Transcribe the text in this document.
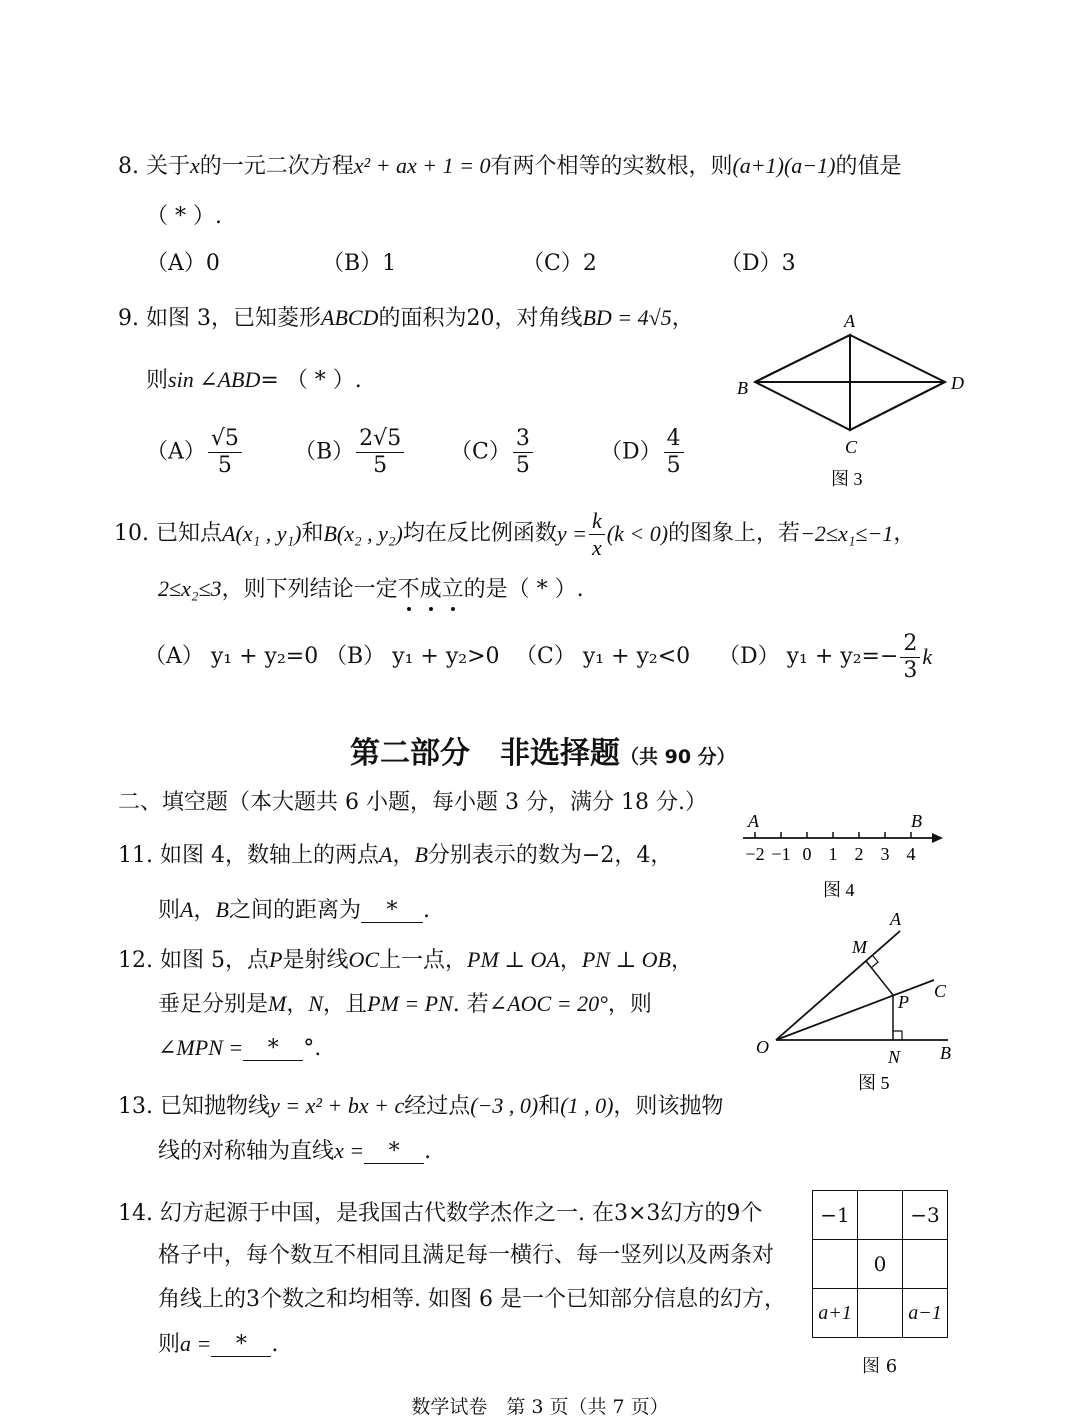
8. 关于x的一元二次方程x² + ax + 1 = 0有两个相等的实数根，则(a+1)(a−1)的值是
（ * ）.
（A）0	（B）1	（C）2	（D）3
9. 如图 3，已知菱形ABCD的面积为20，对角线BD = 4√5，
则sin ∠ABD= （ * ）.
$(A) \frac{√5}{5} (B) \frac{2√5}{5} (C) \frac{3}{5}$	$(D) \frac{4}{5}$
A
B	D
C
图 3
10.
已知点 A(x₁ , y₁) 和 B(x₂ , y₂) 均在反比例函数 $y = \frac{k}{x} (k < 0)$ 的图象上，若 −2≤x₁≤−1 ，
2≤x₂≤3，则下列结论一定不成立的是（ * ）.
（A） y₁ + y₂=0 （B） y₁ + y₂>0 （C） y₁ + y₂<0 （D） $y_1 + y_2=- \frac{2}{3}$ k
第二部分　非选择题（共 90 分）
二、填空题（本大题共 6 小题，每小题 3 分，满分 18 分.）
11. 如图 4，数轴上的两点A，B分别表示的数为−2，4，
则A，B之间的距离为 * .
−2 −1 0 1 2 3 4
A	B
图 4
12. 如图 5，点P是射线OC上一点，PM ⊥ OA，PN ⊥ OB，
垂足分别是M，N，且PM = PN. 若∠AOC = 20°，则
∠MPN = * °.
A
M
C
P
O	N B
图 5
13. 已知抛物线y = x² + bx + c经过点(−3 , 0)和(1 , 0)，则该抛物
线的对称轴为直线x = * .
14. 幻方起源于中国，是我国古代数学杰作之一. 在3×3幻方的9个
格子中，每个数互不相同且满足每一横行、每一竖列以及两条对
角线上的3个数之和均相等. 如图 6 是一个已知部分信息的幻方，
则a = * .
−1		−3
	0	
a+1		a−1
图 6
数学试卷　第 3 页（共 7 页）
